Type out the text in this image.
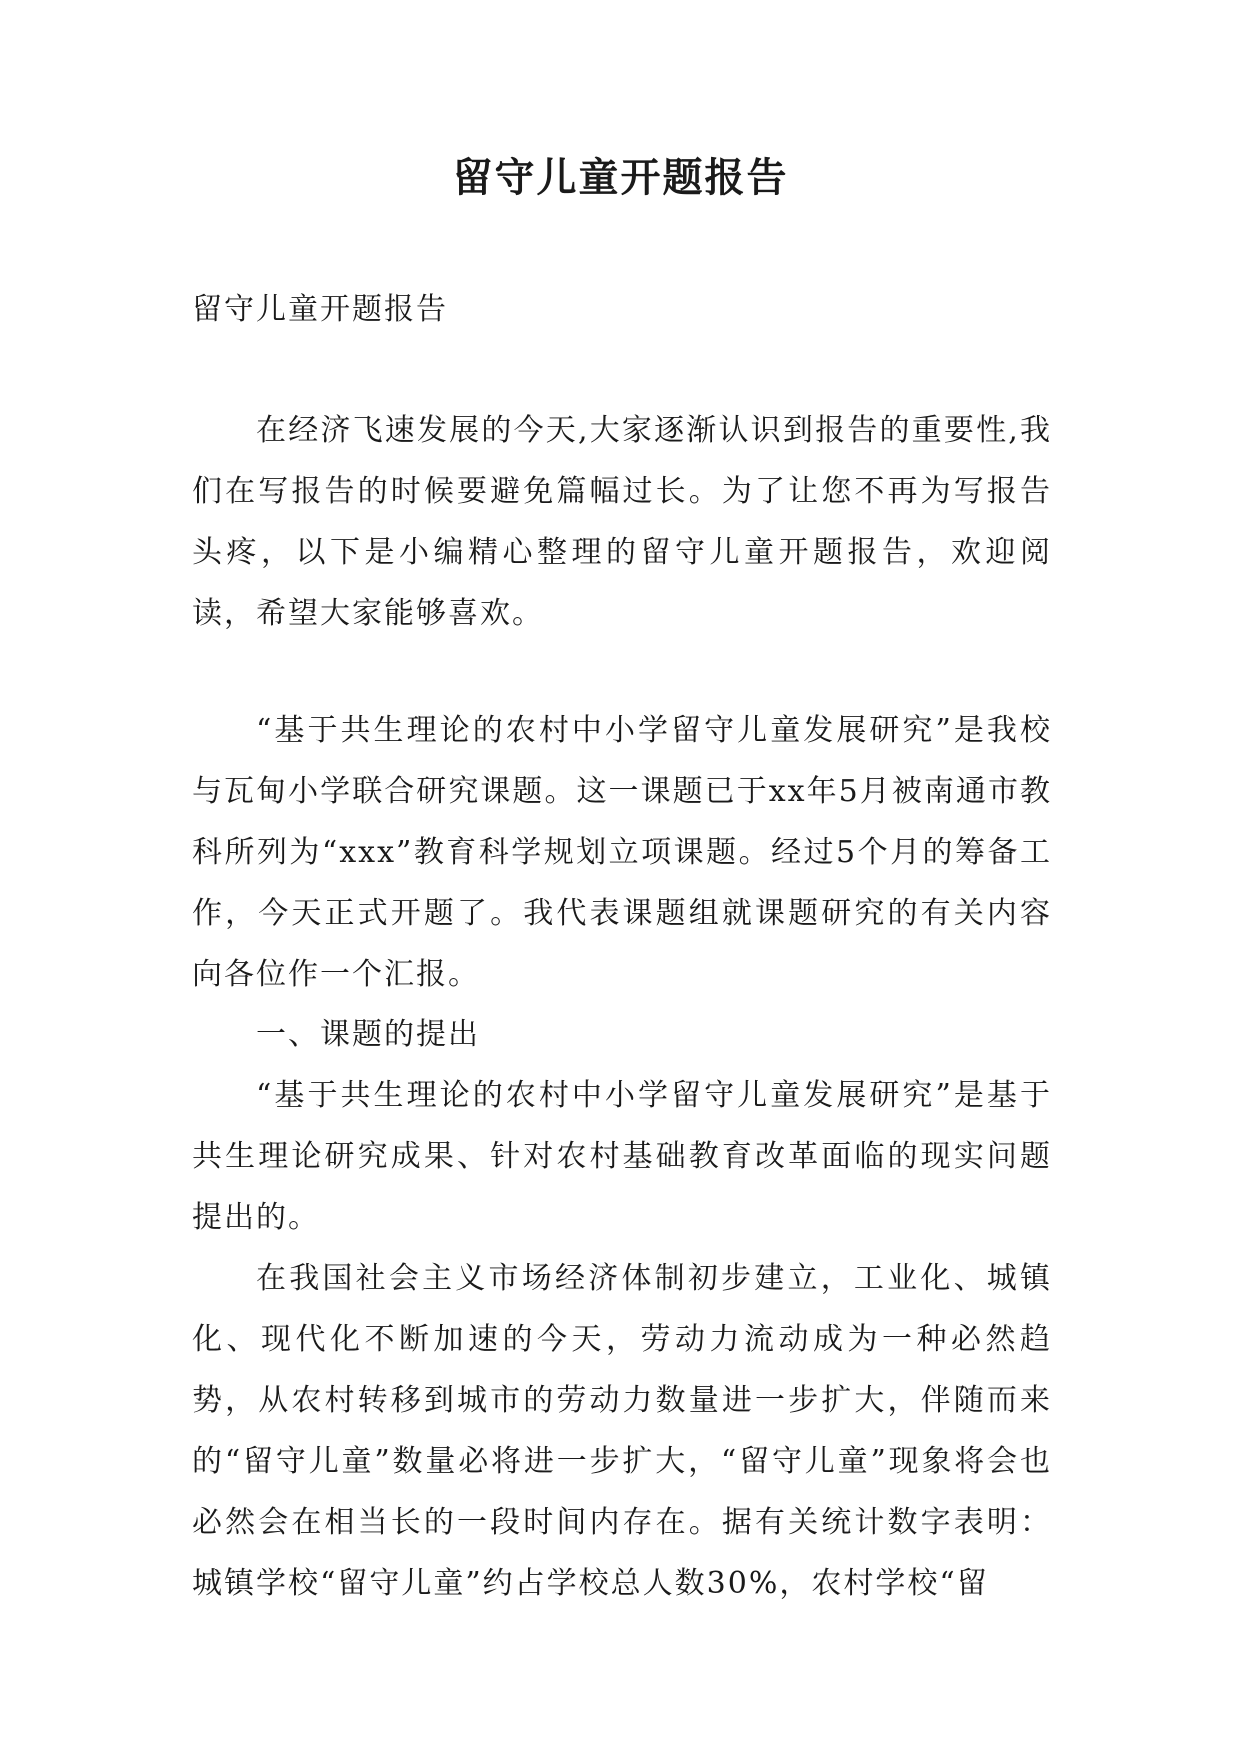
留守儿童开题报告

留守儿童开题报告

在经济飞速发展的今天,大家逐渐认识到报告的重要性,我们在写报告的时候要避免篇幅过长。为了让您不再为写报告头疼，以下是小编精心整理的留守儿童开题报告，欢迎阅读，希望大家能够喜欢。

“基于共生理论的农村中小学留守儿童发展研究”是我校与瓦甸小学联合研究课题。这一课题已于xx年5月被南通市教科所列为“xxx”教育科学规划立项课题。经过5个月的筹备工作，今天正式开题了。我代表课题组就课题研究的有关内容向各位作一个汇报。

一、课题的提出

“基于共生理论的农村中小学留守儿童发展研究”是基于共生理论研究成果、针对农村基础教育改革面临的现实问题提出的。

在我国社会主义市场经济体制初步建立，工业化、城镇化、现代化不断加速的今天，劳动力流动成为一种必然趋势，从农村转移到城市的劳动力数量进一步扩大，伴随而来的“留守儿童”数量必将进一步扩大，“留守儿童”现象将会也必然会在相当长的一段时间内存在。据有关统计数字表明：城镇学校“留守儿童”约占学校总人数30%，农村学校“留
